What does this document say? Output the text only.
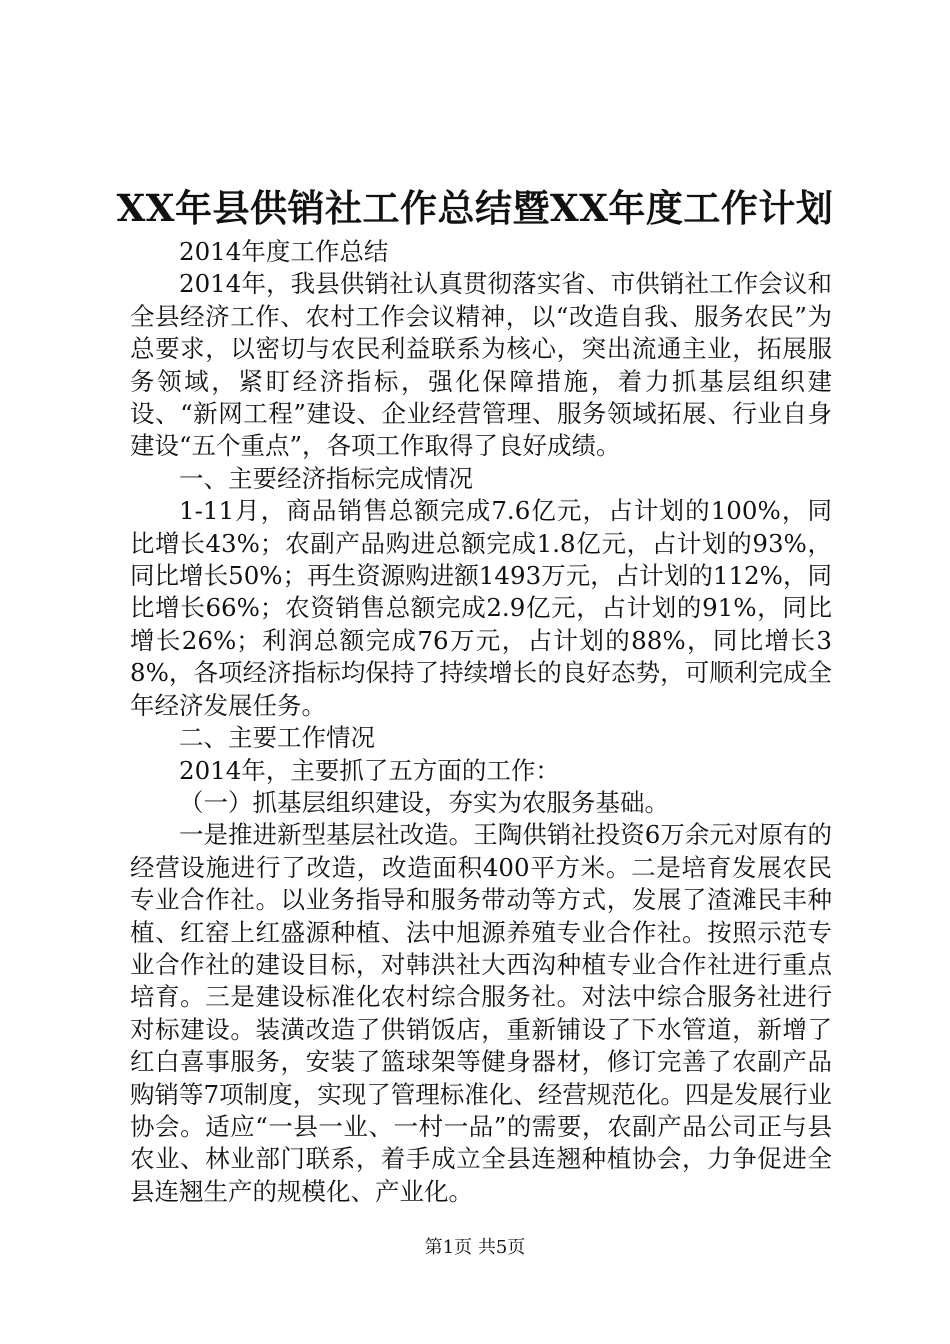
XX年县供销社工作总结暨XX年度工作计划

2014年度工作总结

2014年，我县供销社认真贯彻落实省、市供销社工作会议和全县经济工作、农村工作会议精神，以“改造自我、服务农民”为总要求，以密切与农民利益联系为核心，突出流通主业，拓展服务领域，紧盯经济指标，强化保障措施，着力抓基层组织建设、“新网工程”建设、企业经营管理、服务领域拓展、行业自身建设“五个重点”，各项工作取得了良好成绩。

一、主要经济指标完成情况

1-11月，商品销售总额完成7.6亿元，占计划的100%，同比增长43%；农副产品购进总额完成1.8亿元，占计划的93%，同比增长50%；再生资源购进额1493万元，占计划的112%，同比增长66%；农资销售总额完成2.9亿元，占计划的91%，同比增长26%；利润总额完成76万元，占计划的88%，同比增长38%，各项经济指标均保持了持续增长的良好态势，可顺利完成全年经济发展任务。

二、主要工作情况

2014年，主要抓了五方面的工作：

（一）抓基层组织建设，夯实为农服务基础。

一是推进新型基层社改造。王陶供销社投资6万余元对原有的经营设施进行了改造，改造面积400平方米。二是培育发展农民专业合作社。以业务指导和服务带动等方式，发展了渣滩民丰种植、红窑上红盛源种植、法中旭源养殖专业合作社。按照示范专业合作社的建设目标，对韩洪社大西沟种植专业合作社进行重点培育。三是建设标准化农村综合服务社。对法中综合服务社进行对标建设。装潢改造了供销饭店，重新铺设了下水管道，新增了红白喜事服务，安装了篮球架等健身器材，修订完善了农副产品购销等7项制度，实现了管理标准化、经营规范化。四是发展行业协会。适应“一县一业、一村一品”的需要，农副产品公司正与县农业、林业部门联系，着手成立全县连翘种植协会，力争促进全县连翘生产的规模化、产业化。

第1页 共5页
